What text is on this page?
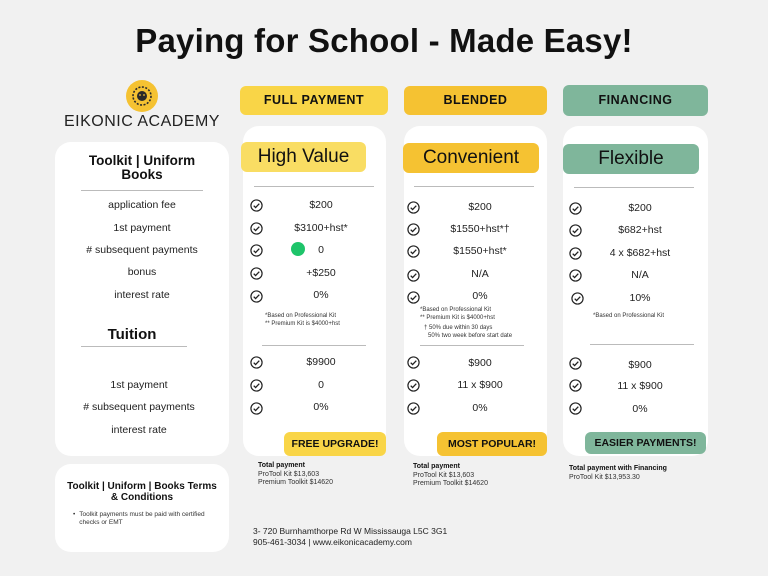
Paying for School - Made Easy!
EIKONIC ACADEMY
Toolkit | Uniform Books
application fee
1st payment
# subsequent payments
bonus
interest rate
Tuition
1st payment
# subsequent payments
interest rate
Toolkit | Uniform | Books Terms & Conditions
• Toolkit payments must be paid with certified checks or EMT
FULL PAYMENT
High Value
$200
$3100+hst*
0
+$250
0%
*Based on Professional Kit
** Premium Kit is $4000+hst
$9900
0
0%
FREE UPGRADE!
Total payment
ProTool Kit $13,603
Premium Toolkit $14620
BLENDED
Convenient
$200
$1550+hst*†
$1550+hst*
N/A
0%
*Based on Professional Kit
** Premium Kit is $4000+hst
† 50% due within 30 days
50% two week before start date
$900
11 x $900
0%
MOST POPULAR!
Total payment
ProTool Kit $13,603
Premium Toolkit $14620
FINANCING
Flexible
$200
$682+hst
4 x $682+hst
N/A
10%
*Based on Professional Kit
$900
11 x $900
0%
EASIER PAYMENTS!
Total payment with Financing
ProTool Kit $13,953.30
3- 720 Burnhamthorpe Rd W Mississauga L5C 3G1
905-461-3034 | www.eikonicacademy.com
